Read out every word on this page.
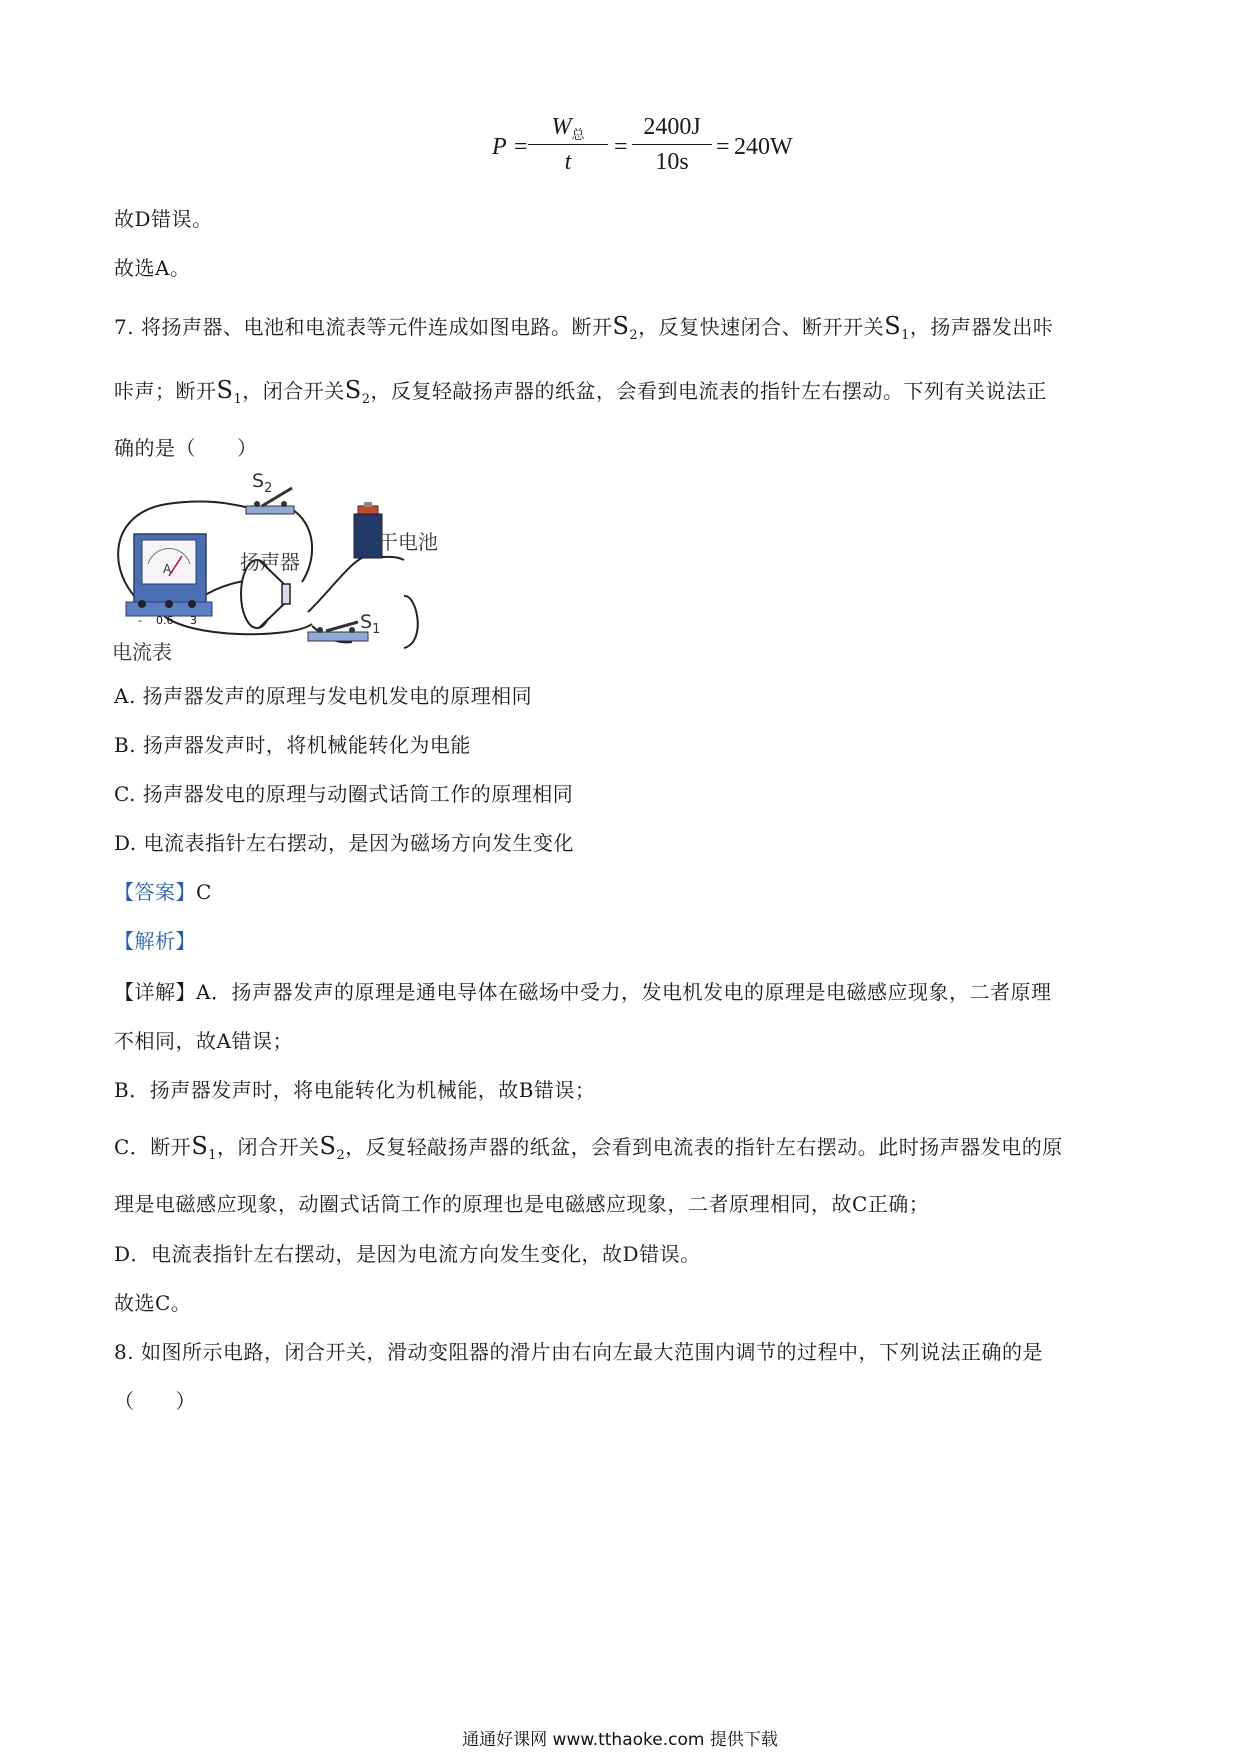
P =
$W_总$
t
=
2400J
10s
= 240W
故D错误。
故选A。
7. 将扬声器、电池和电流表等元件连成如图电路。断开$S_2$，反复快速闭合、断开开关$S_1$，扬声器发出咔
咔声；断开$S_1$，闭合开关$S_2$，反复轻敲扬声器的纸盆，会看到电流表的指针左右摆动。下列有关说法正
确的是（　　）
$S_2$
扬声器
干电池
$S_1$
电流表
A
- 0.6 3
A. 扬声器发声的原理与发电机发电的原理相同
B. 扬声器发声时，将机械能转化为电能
C. 扬声器发电的原理与动圈式话筒工作的原理相同
D. 电流表指针左右摆动，是因为磁场方向发生变化
【答案】C
【解析】
【详解】A．扬声器发声的原理是通电导体在磁场中受力，发电机发电的原理是电磁感应现象，二者原理
不相同，故A错误；
B．扬声器发声时，将电能转化为机械能，故B错误；
C．断开$S_1$，闭合开关$S_2$，反复轻敲扬声器的纸盆，会看到电流表的指针左右摆动。此时扬声器发电的原
理是电磁感应现象，动圈式话筒工作的原理也是电磁感应现象，二者原理相同，故C正确；
D．电流表指针左右摆动，是因为电流方向发生变化，故D错误。
故选C。
8. 如图所示电路，闭合开关，滑动变阻器的滑片由右向左最大范围内调节的过程中，下列说法正确的是
（　　）
通通好课网 www.tthaoke.com 提供下载
